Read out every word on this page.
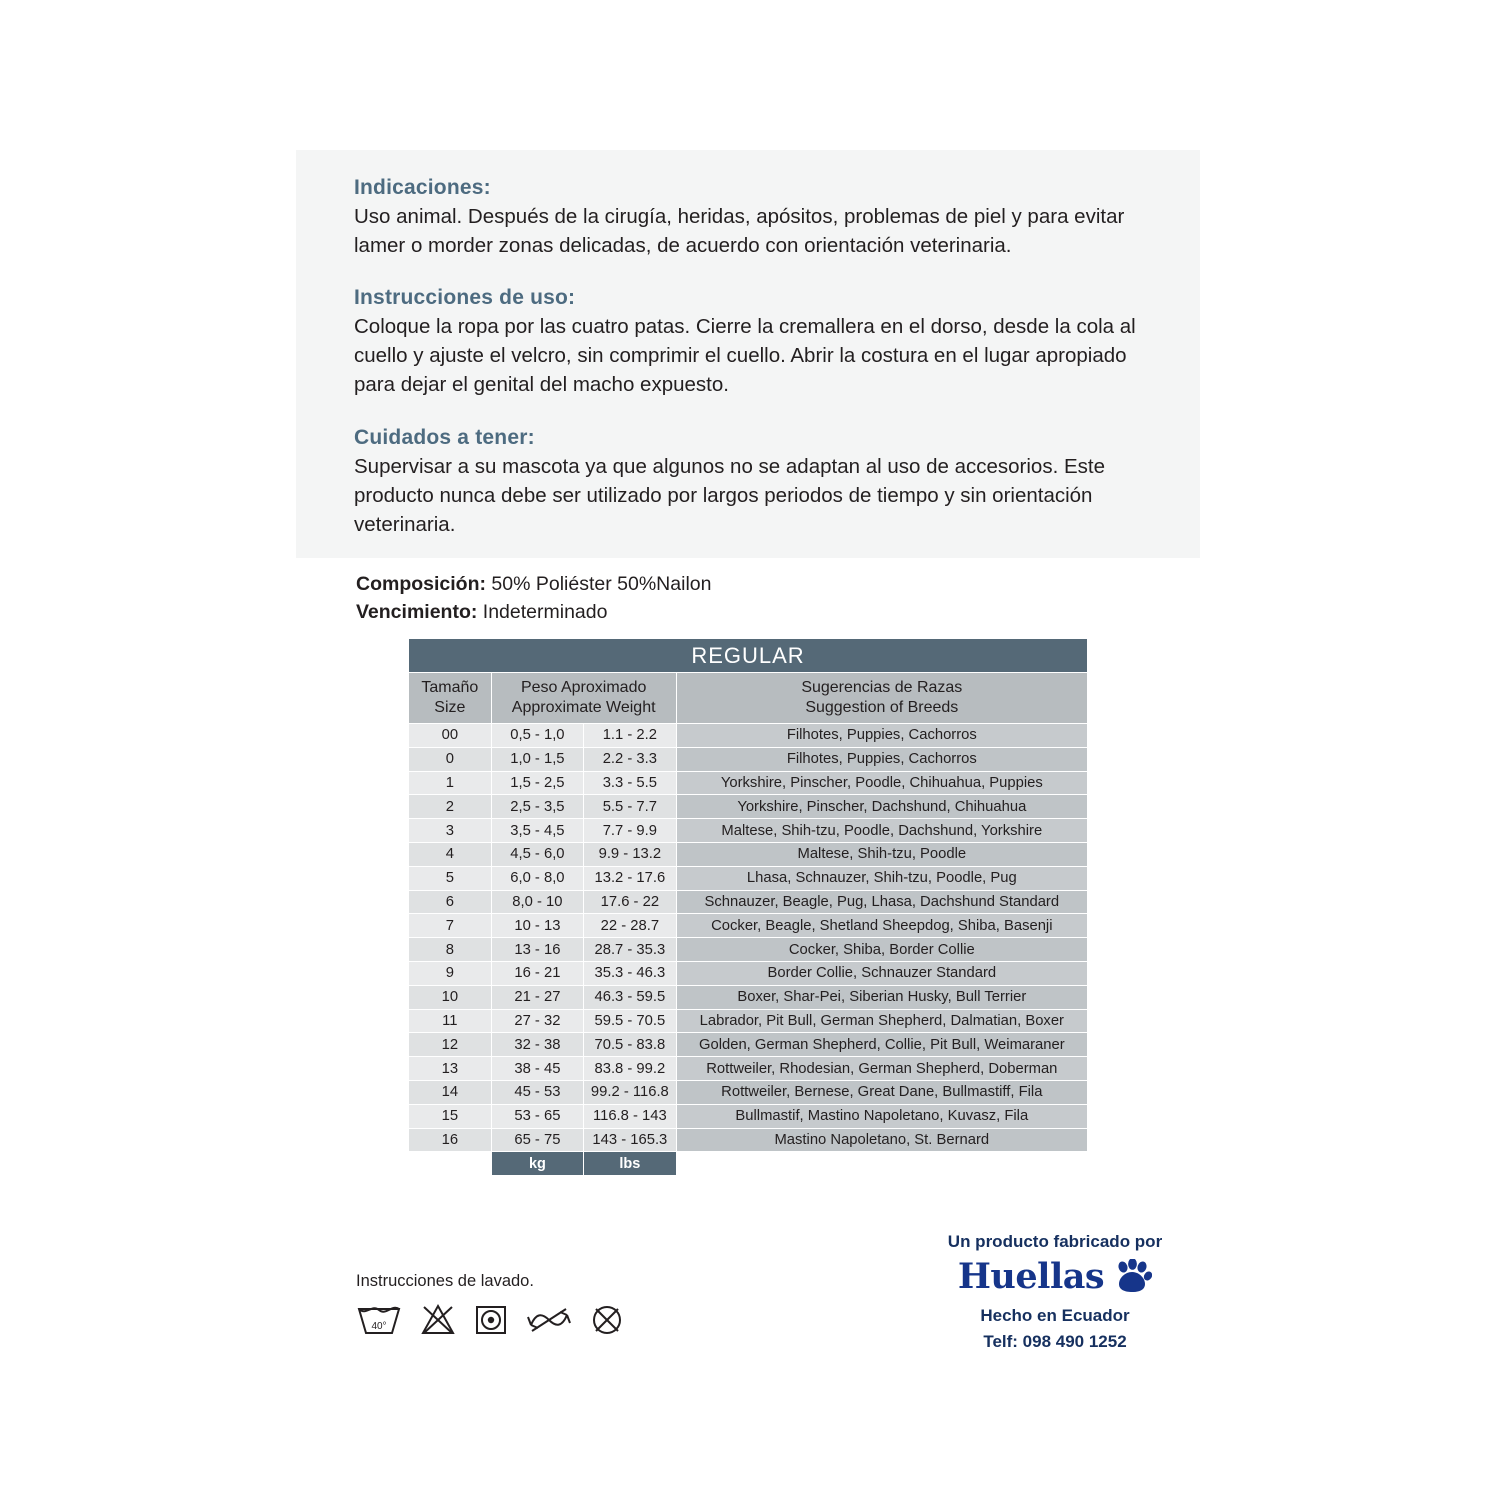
Indicaciones:

Uso animal. Después de la cirugía, heridas, apósitos, problemas de piel y para evitar lamer o morder zonas delicadas, de acuerdo con orientación veterinaria.

Instrucciones de uso:

Coloque la ropa por las cuatro patas. Cierre la cremallera en el dorso, desde la cola al cuello y ajuste el velcro, sin comprimir el cuello. Abrir la costura en el lugar apropiado para dejar el genital del macho expuesto.

Cuidados a tener:

Supervisar a su mascota ya que algunos no se adaptan al uso de accesorios. Este producto nunca debe ser utilizado por largos periodos de tiempo y sin orientación veterinaria.

Composición: 50% Poliéster 50%Nailon
Vencimiento: Indeterminado
REGULAR			

Tamaño
Size

Peso Aproximado
Approximate Weight

Sugerencias de Razas
Suggestion of Breeds

00	0,5 - 1,0	1.1 - 2.2	Filhotes, Puppies, Cachorros
0	1,0 - 1,5	2.2 - 3.3	Filhotes, Puppies, Cachorros
1	1,5 - 2,5	3.3 - 5.5	Yorkshire, Pinscher, Poodle, Chihuahua, Puppies
2	2,5 - 3,5	5.5 - 7.7	Yorkshire, Pinscher, Dachshund, Chihuahua
3	3,5 - 4,5	7.7 - 9.9	Maltese, Shih-tzu, Poodle, Dachshund, Yorkshire
4	4,5 - 6,0	9.9 - 13.2	Maltese, Shih-tzu, Poodle
5	6,0 - 8,0	13.2 - 17.6	Lhasa, Schnauzer, Shih-tzu, Poodle, Pug
6	8,0 - 10	17.6 - 22	Schnauzer, Beagle, Pug, Lhasa, Dachshund Standard
7	10 - 13	22 - 28.7	Cocker, Beagle, Shetland Sheepdog, Shiba, Basenji
8	13 - 16	28.7 - 35.3	Cocker, Shiba, Border Collie
9	16 - 21	35.3 - 46.3	Border Collie, Schnauzer Standard
10	21 - 27	46.3 - 59.5	Boxer, Shar-Pei, Siberian Husky, Bull Terrier
11	27 - 32	59.5 - 70.5	Labrador, Pit Bull, German Shepherd, Dalmatian, Boxer
12	32 - 38	70.5 - 83.8	Golden, German Shepherd, Collie, Pit Bull, Weimaraner
13	38 - 45	83.8 - 99.2	Rottweiler, Rhodesian, German Shepherd, Doberman
14	45 - 53	99.2 - 116.8	Rottweiler, Bernese, Great Dane, Bullmastiff, Fila
15	53 - 65	116.8 - 143	Bullmastif, Mastino Napoletano, Kuvasz, Fila
16	65 - 75	143 - 165.3	Mastino Napoletano, St. Bernard
	kg	lbs	
Instrucciones de lavado.
40°
Un producto fabricado por
Huellas
Hecho en Ecuador
Telf: 098 490 1252
